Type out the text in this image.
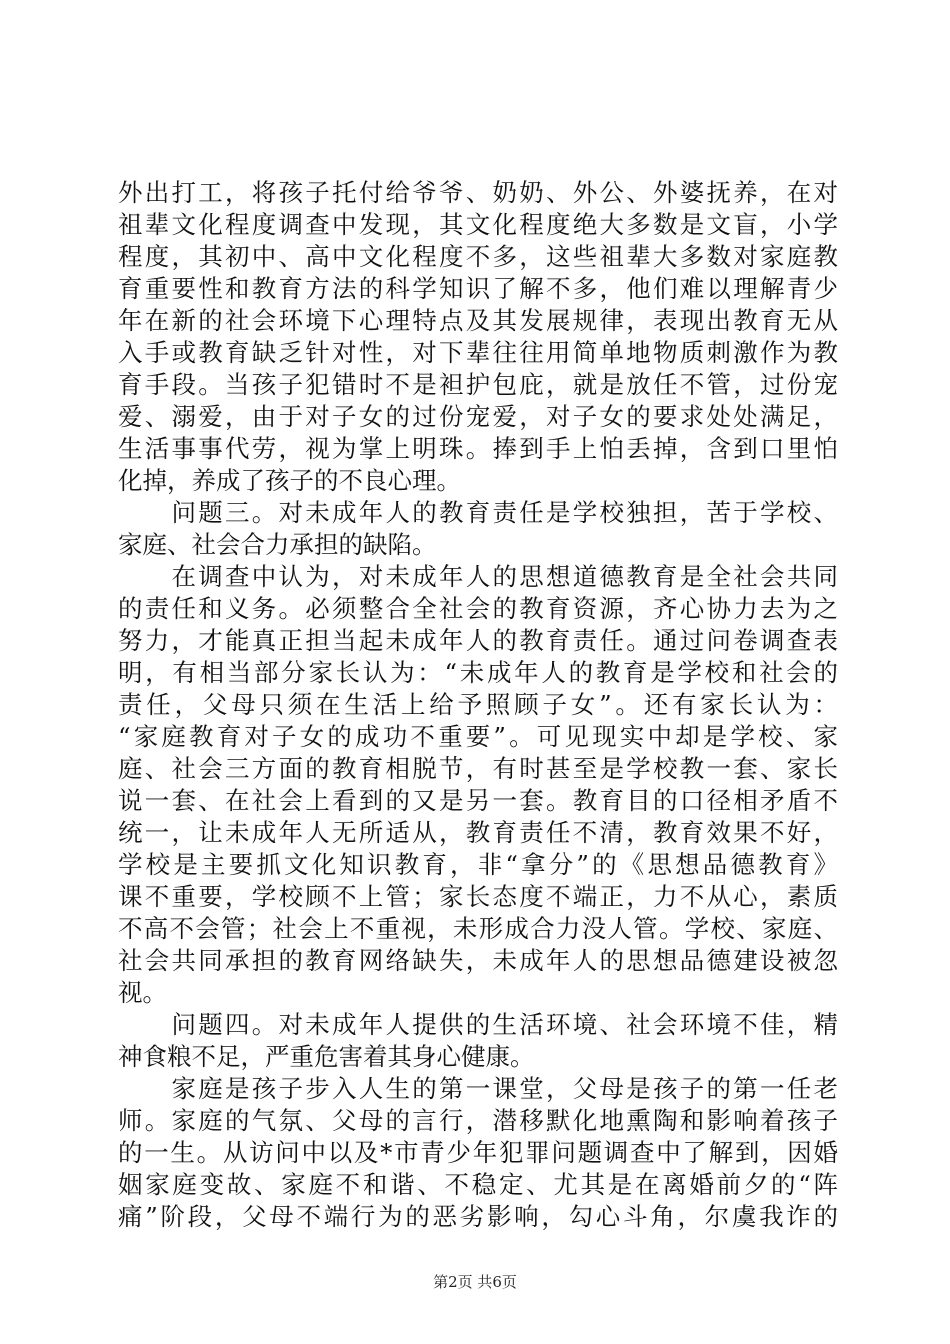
外出打工，将孩子托付给爷爷、奶奶、外公、外婆抚养，在对
祖辈文化程度调查中发现，其文化程度绝大多数是文盲，小学
程度，其初中、高中文化程度不多，这些祖辈大多数对家庭教
育重要性和教育方法的科学知识了解不多，他们难以理解青少
年在新的社会环境下心理特点及其发展规律，表现出教育无从
入手或教育缺乏针对性，对下辈往往用简单地物质刺激作为教
育手段。当孩子犯错时不是袒护包庇，就是放任不管，过份宠
爱、溺爱，由于对子女的过份宠爱，对子女的要求处处满足，
生活事事代劳，视为掌上明珠。捧到手上怕丢掉，含到口里怕
化掉，养成了孩子的不良心理。
　　问题三。对未成年人的教育责任是学校独担，苦于学校、
家庭、社会合力承担的缺陷。
　　在调查中认为，对未成年人的思想道德教育是全社会共同
的责任和义务。必须整合全社会的教育资源，齐心协力去为之
努力，才能真正担当起未成年人的教育责任。通过问卷调查表
明，有相当部分家长认为：“未成年人的教育是学校和社会的
责任，父母只须在生活上给予照顾子女”。还有家长认为：
“家庭教育对子女的成功不重要”。可见现实中却是学校、家
庭、社会三方面的教育相脱节，有时甚至是学校教一套、家长
说一套、在社会上看到的又是另一套。教育目的口径相矛盾不
统一，让未成年人无所适从，教育责任不清，教育效果不好，
学校是主要抓文化知识教育，非“拿分”的《思想品德教育》
课不重要，学校顾不上管；家长态度不端正，力不从心，素质
不高不会管；社会上不重视，未形成合力没人管。学校、家庭、
社会共同承担的教育网络缺失，未成年人的思想品德建设被忽
视。
　　问题四。对未成年人提供的生活环境、社会环境不佳，精
神食粮不足，严重危害着其身心健康。
　　家庭是孩子步入人生的第一课堂，父母是孩子的第一任老
师。家庭的气氛、父母的言行，潜移默化地熏陶和影响着孩子
的一生。从访问中以及*市青少年犯罪问题调查中了解到，因婚
姻家庭变故、家庭不和谐、不稳定、尤其是在离婚前夕的“阵
痛”阶段，父母不端行为的恶劣影响，勾心斗角，尔虞我诈的
第2页 共6页
